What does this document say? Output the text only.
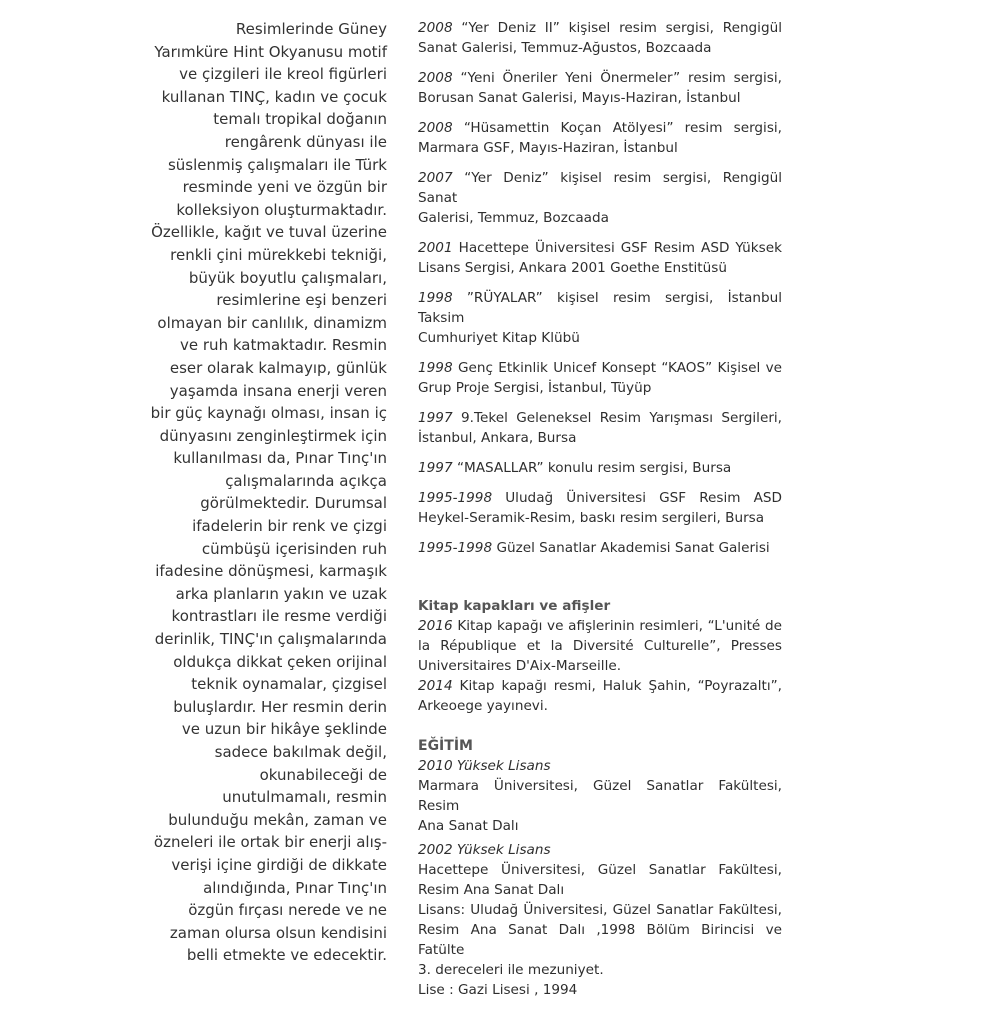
Resimlerinde Güney
Yarımküre Hint Okyanusu motif
ve çizgileri ile kreol figürleri
kullanan TINÇ, kadın ve çocuk
temalı tropikal doğanın
rengârenk dünyası ile
süslenmiş çalışmaları ile Türk
resminde yeni ve özgün bir
kolleksiyon oluşturmaktadır.
Özellikle, kağıt ve tuval üzerine
renkli çini mürekkebi tekniği,
büyük boyutlu çalışmaları,
resimlerine eşi benzeri
olmayan bir canlılık, dinamizm
ve ruh katmaktadır. Resmin
eser olarak kalmayıp, günlük
yaşamda insana enerji veren
bir güç kaynağı olması, insan iç
dünyasını zenginleştirmek için
kullanılması da, Pınar Tınç'ın
çalışmalarında açıkça
görülmektedir. Durumsal
ifadelerin bir renk ve çizgi
cümbüşü içerisinden ruh
ifadesine dönüşmesi, karmaşık
arka planların yakın ve uzak
kontrastları ile resme verdiği
derinlik, TINÇ'ın çalışmalarında
oldukça dikkat çeken orijinal
teknik oynamalar, çizgisel
buluşlardır. Her resmin derin
ve uzun bir hikâye şeklinde
sadece bakılmak değil,
okunabileceği de
unutulmamalı, resmin
bulunduğu mekân, zaman ve
özneleri ile ortak bir enerji alış-
verişi içine girdiği de dikkate
alındığında, Pınar Tınç'ın
özgün fırçası nerede ve ne
zaman olursa olsun kendisini
belli etmekte ve edecektir.
2008 “Yer Deniz II” kişisel resim sergisi, Rengigül
Sanat Galerisi, Temmuz-Ağustos, Bozcaada
2008 “Yeni Öneriler Yeni Önermeler” resim sergisi,
Borusan Sanat Galerisi, Mayıs-Haziran, İstanbul
2008 “Hüsamettin Koçan Atölyesi” resim sergisi,
Marmara GSF, Mayıs-Haziran, İstanbul
2007 “Yer Deniz” kişisel resim sergisi, Rengigül Sanat
Galerisi, Temmuz, Bozcaada
2001 Hacettepe Üniversitesi GSF Resim ASD Yüksek
Lisans Sergisi, Ankara 2001 Goethe Enstitüsü
1998 ”RÜYALAR” kişisel resim sergisi, İstanbul Taksim
Cumhuriyet Kitap Klübü
1998 Genç Etkinlik Unicef Konsept “KAOS” Kişisel ve
Grup Proje Sergisi, İstanbul, Tüyüp
1997 9.Tekel Geleneksel Resim Yarışması Sergileri,
İstanbul, Ankara, Bursa
1997 “MASALLAR” konulu resim sergisi, Bursa
1995-1998 Uludağ Üniversitesi GSF Resim ASD
Heykel-Seramik-Resim, baskı resim sergileri, Bursa
1995-1998 Güzel Sanatlar Akademisi Sanat Galerisi
Kitap kapakları ve afişler
2016 Kitap kapağı ve afişlerinin resimleri, “L'unité de
la République et la Diversité Culturelle”, Presses
Universitaires D'Aix-Marseille.
2014 Kitap kapağı resmi, Haluk Şahin, “Poyrazaltı”,
Arkeoege yayınevi.
EĞİTİM
2010 Yüksek Lisans
Marmara Üniversitesi, Güzel Sanatlar Fakültesi, Resim
Ana Sanat Dalı
2002 Yüksek Lisans
Hacettepe Üniversitesi, Güzel Sanatlar Fakültesi,
Resim Ana Sanat Dalı
Lisans: Uludağ Üniversitesi, Güzel Sanatlar Fakültesi,
Resim Ana Sanat Dalı ,1998 Bölüm Birincisi ve Fatülte
3. dereceleri ile mezuniyet.
Lise : Gazi Lisesi , 1994
